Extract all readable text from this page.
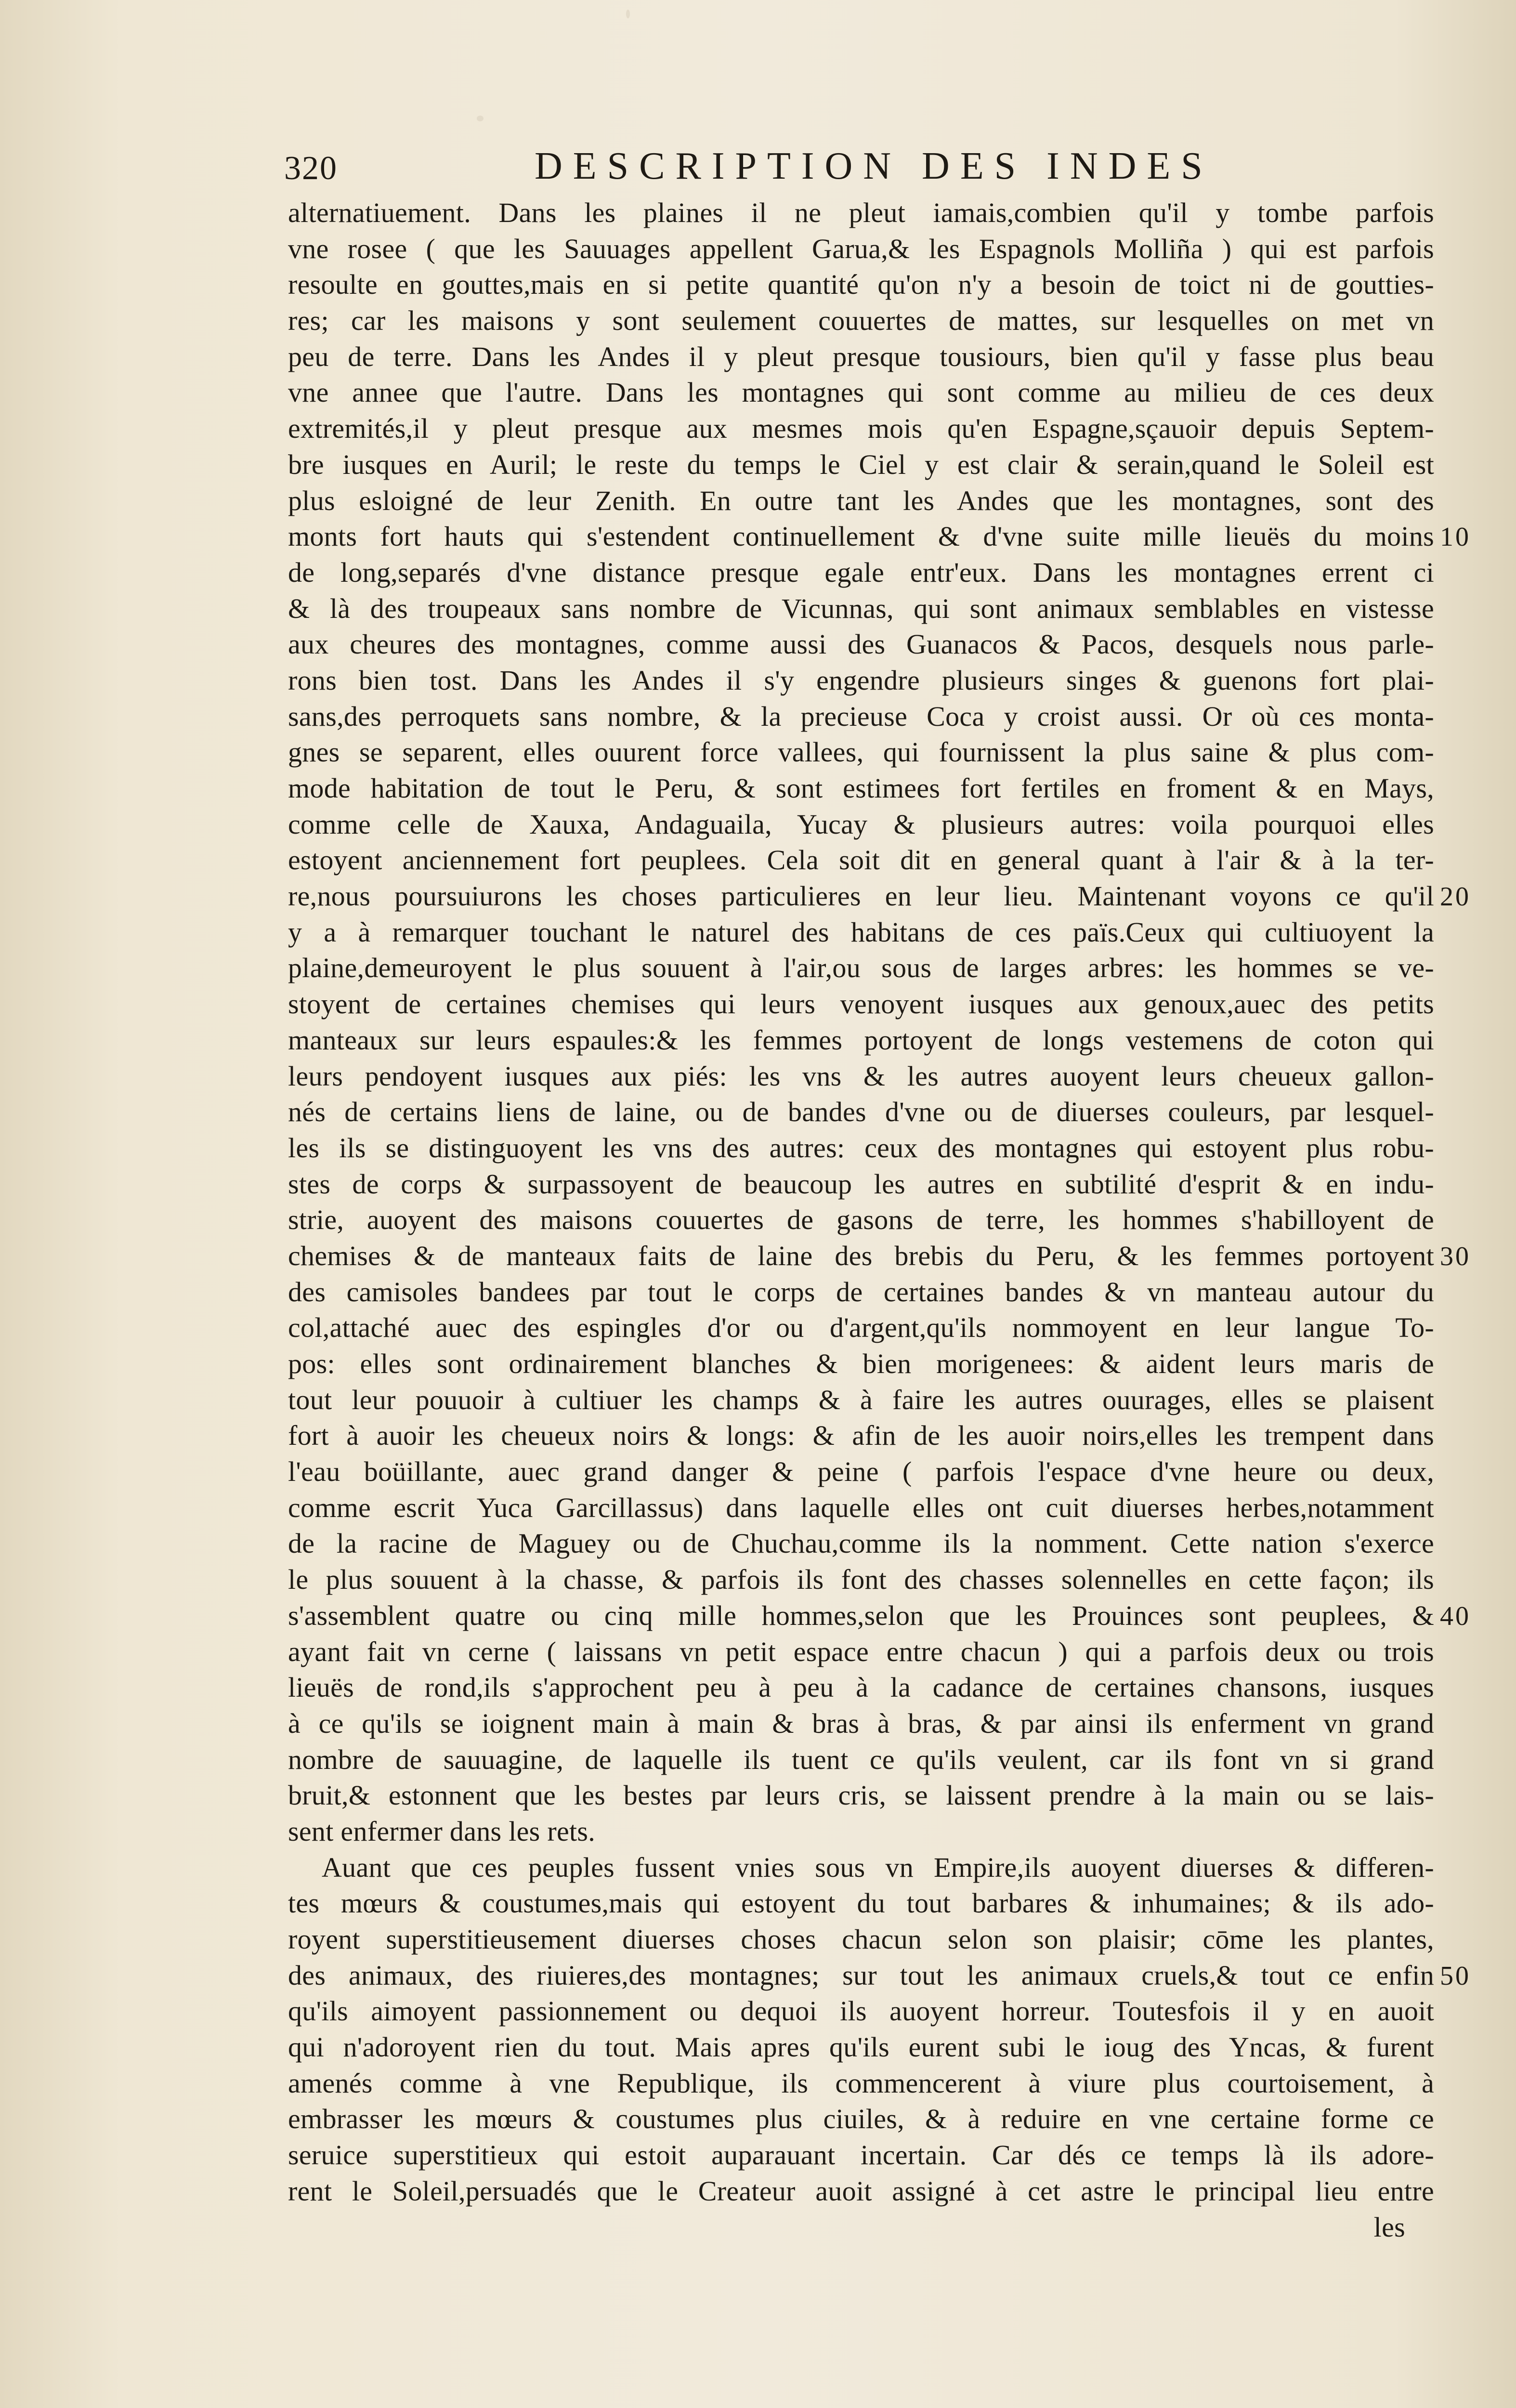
320	DESCRIPTION DES INDES
alternatiuement. Dans les plaines il ne pleut iamais,combien qu'il y tombe parfois
vne rosee ( que les Sauuages appellent Garua,& les Espagnols Molliña ) qui est parfois
resoulte en gouttes,mais en si petite quantité qu'on n'y a besoin de toict ni de goutties-
res; car les maisons y sont seulement couuertes de mattes, sur lesquelles on met vn
peu de terre. Dans les Andes il y pleut presque tousiours, bien qu'il y fasse plus beau
vne annee que l'autre. Dans les montagnes qui sont comme au milieu de ces deux
extremités,il y pleut presque aux mesmes mois qu'en Espagne,sçauoir depuis Septem-
bre iusques en Auril; le reste du temps le Ciel y est clair & serain,quand le Soleil est
plus esloigné de leur Zenith. En outre tant les Andes que les montagnes, sont des
monts fort hauts qui s'estendent continuellement & d'vne suite mille lieuës du moins
de long,separés d'vne distance presque egale entr'eux. Dans les montagnes errent ci
& là des troupeaux sans nombre de Vicunnas, qui sont animaux semblables en vistesse
aux cheures des montagnes, comme aussi des Guanacos & Pacos, desquels nous parle-
rons bien tost. Dans les Andes il s'y engendre plusieurs singes & guenons fort plai-
sans,des perroquets sans nombre, & la precieuse Coca y croist aussi. Or où ces monta-
gnes se separent, elles ouurent force vallees, qui fournissent la plus saine & plus com-
mode habitation de tout le Peru, & sont estimees fort fertiles en froment & en Mays,
comme celle de Xauxa, Andaguaila, Yucay & plusieurs autres: voila pourquoi elles
estoyent anciennement fort peuplees. Cela soit dit en general quant à l'air & à la ter-
re,nous poursuiurons les choses particulieres en leur lieu. Maintenant voyons ce qu'il
y a à remarquer touchant le naturel des habitans de ces païs.Ceux qui cultiuoyent la
plaine,demeuroyent le plus souuent à l'air,ou sous de larges arbres: les hommes se ve-
stoyent de certaines chemises qui leurs venoyent iusques aux genoux,auec des petits
manteaux sur leurs espaules:& les femmes portoyent de longs vestemens de coton qui
leurs pendoyent iusques aux piés: les vns & les autres auoyent leurs cheueux gallon-
nés de certains liens de laine, ou de bandes d'vne ou de diuerses couleurs, par lesquel-
les ils se distinguoyent les vns des autres: ceux des montagnes qui estoyent plus robu-
stes de corps & surpassoyent de beaucoup les autres en subtilité d'esprit & en indu-
strie, auoyent des maisons couuertes de gasons de terre, les hommes s'habilloyent de
chemises & de manteaux faits de laine des brebis du Peru, & les femmes portoyent
des camisoles bandees par tout le corps de certaines bandes & vn manteau autour du
col,attaché auec des espingles d'or ou d'argent,qu'ils nommoyent en leur langue To-
pos: elles sont ordinairement blanches & bien morigenees: & aident leurs maris de
tout leur pouuoir à cultiuer les champs & à faire les autres ouurages, elles se plaisent
fort à auoir les cheueux noirs & longs: & afin de les auoir noirs,elles les trempent dans
l'eau boüillante, auec grand danger & peine ( parfois l'espace d'vne heure ou deux,
comme escrit Yuca Garcillassus) dans laquelle elles ont cuit diuerses herbes,notamment
de la racine de Maguey ou de Chuchau,comme ils la nomment. Cette nation s'exerce
le plus souuent à la chasse, & parfois ils font des chasses solennelles en cette façon; ils
s'assemblent quatre ou cinq mille hommes,selon que les Prouinces sont peuplees, &
ayant fait vn cerne ( laissans vn petit espace entre chacun ) qui a parfois deux ou trois
lieuës de rond,ils s'approchent peu à peu à la cadance de certaines chansons, iusques
à ce qu'ils se ioignent main à main & bras à bras, & par ainsi ils enferment vn grand
nombre de sauuagine, de laquelle ils tuent ce qu'ils veulent, car ils font vn si grand
bruit,& estonnent que les bestes par leurs cris, se laissent prendre à la main ou se lais-
sent enfermer dans les rets.
Auant que ces peuples fussent vnies sous vn Empire,ils auoyent diuerses & differen-
tes mœurs & coustumes,mais qui estoyent du tout barbares & inhumaines; & ils ado-
royent superstitieusement diuerses choses chacun selon son plaisir; cōme les plantes,
des animaux, des riuieres,des montagnes; sur tout les animaux cruels,& tout ce enfin
qu'ils aimoyent passionnement ou dequoi ils auoyent horreur. Toutesfois il y en auoit
qui n'adoroyent rien du tout. Mais apres qu'ils eurent subi le ioug des Yncas, & furent
amenés comme à vne Republique, ils commencerent à viure plus courtoisement, à
embrasser les mœurs & coustumes plus ciuiles, & à reduire en vne certaine forme ce
seruice superstitieux qui estoit auparauant incertain. Car dés ce temps là ils adore-
rent le Soleil,persuadés que le Createur auoit assigné à cet astre le principal lieu entre
les
10
20
30
40
50
